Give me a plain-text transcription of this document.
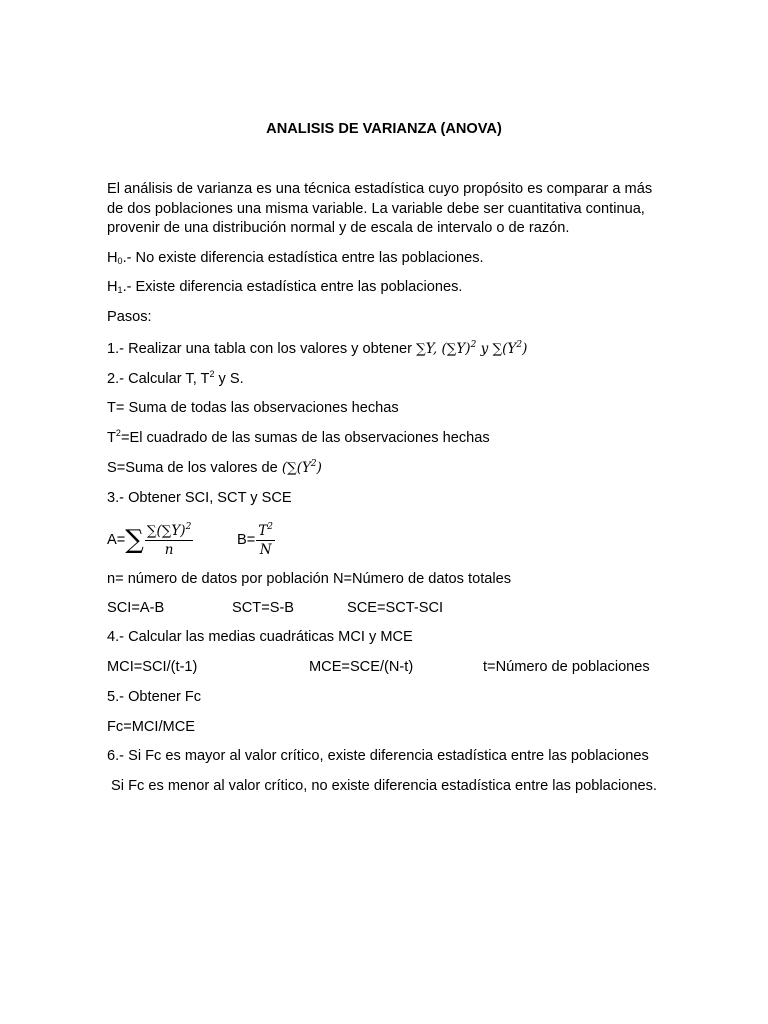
ANALISIS DE VARIANZA (ANOVA)
El análisis de varianza es una técnica estadística cuyo propósito es comparar a más
de dos poblaciones una misma variable. La variable debe ser cuantitativa continua,
provenir de una distribución normal y de escala de intervalo o de razón.
$H_0.-$ No existe diferencia estadística entre las poblaciones.
$H_1.-$ Existe diferencia estadística entre las poblaciones.
Pasos:
1.- Realizar una tabla con los valores y obtener ∑Y, $(\sum Y)^2$ y $\sum(Y^2)$
2.- Calcular T, $T^2$ y S.
T= Suma de todas las observaciones hechas
$T^2=El$ cuadrado de las sumas de las observaciones hechas
S=Suma de los valores de ($\sum(Y^2)$
3.- Obtener SCI, SCT y SCE
A= ∑ $\frac{\sum(\sum Y)^2}{n}$	$B= \frac{T^2}{N}$
n= número de datos por población N=Número de datos totales
SCI=A-B	SCT=S-B	SCE=SCT-SCI
4.- Calcular las medias cuadráticas MCI y MCE
MCI=SCI/(t-1)	MCE=SCE/(N-t)	t=Número de poblaciones
5.- Obtener Fc
Fc=MCI/MCE
6.- Si Fc es mayor al valor crítico, existe diferencia estadística entre las poblaciones
Si Fc es menor al valor crítico, no existe diferencia estadística entre las poblaciones.
